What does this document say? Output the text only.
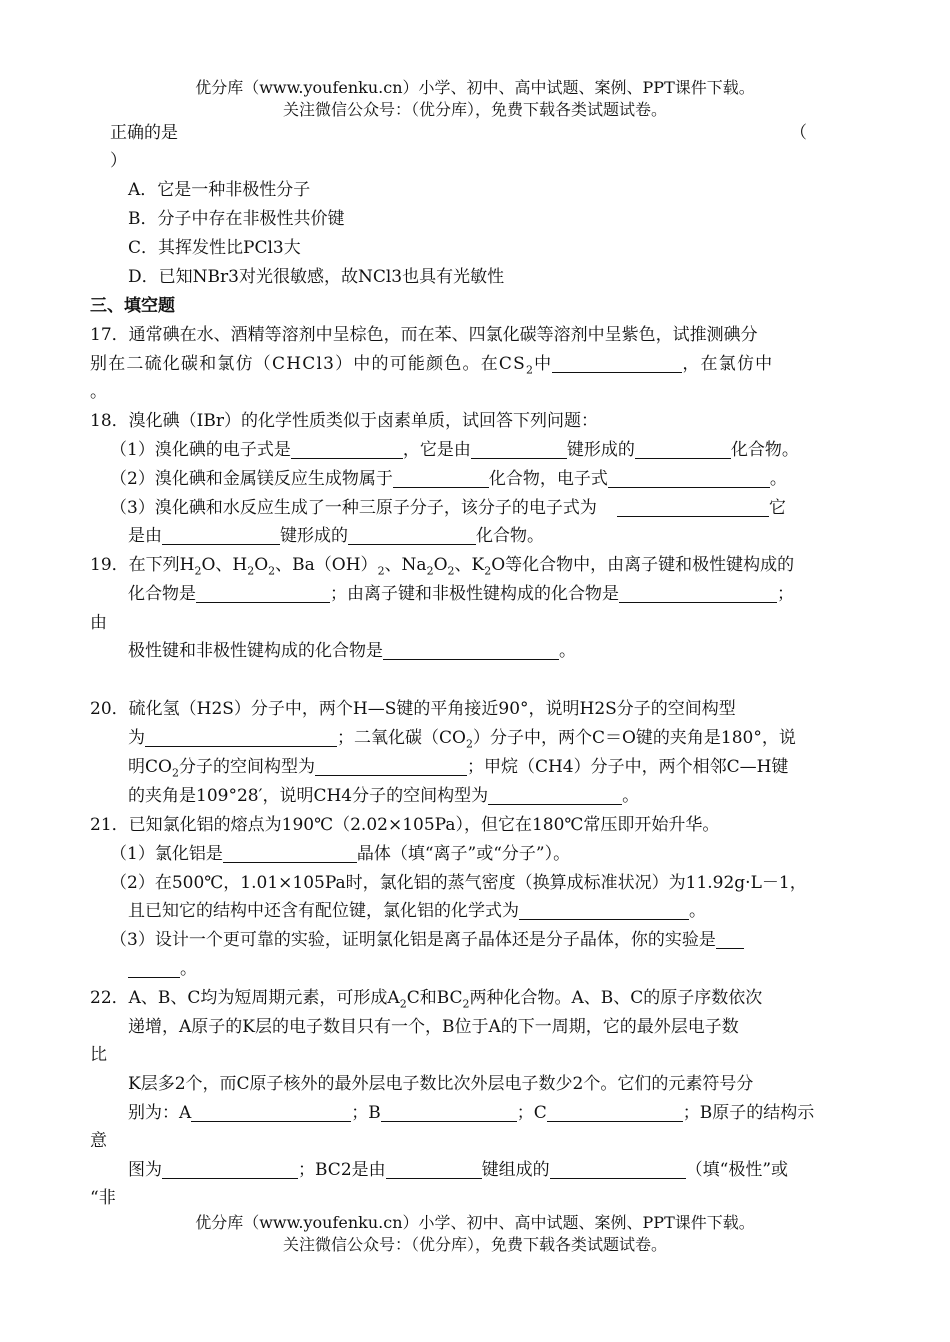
优分库（www.youfenku.cn）小学、初中、高中试题、案例、PPT课件下载。
关注微信公众号：（优分库），免费下载各类试题试卷。
正确的是	（
）
A．它是一种非极性分子
B．分子中存在非极性共价键
C．其挥发性比PCl3大
D．已知NBr3对光很敏感，故NCl3也具有光敏性
三、填空题
17．通常碘在水、酒精等溶剂中呈棕色，而在苯、四氯化碳等溶剂中呈紫色，试推测碘分
别在二硫化碳和氯仿（CHCl3）中的可能颜色。在$CS_2$中	，在氯仿中
。
18．溴化碘（IBr）的化学性质类似于卤素单质，试回答下列问题：
（1）溴化碘的电子式是	，它是由	键形成的	化合物。
（2）溴化碘和金属镁反应生成物属于	化合物，电子式	。
（3）溴化碘和水反应生成了一种三原子分子，该分子的电子式为	它
是由	键形成的	化合物。
19．在下列$H_2O$、$H_2O_2$、$Ba(OH)_2$、$Na_2O_2$、$K_2O$等化合物中，由离子键和极性键构成的
化合物是	；由离子键和非极性键构成的化合物是	；
由
极性键和非极性键构成的化合物是	。
20．硫化氢（H2S）分子中，两个H—S键的平角接近90°，说明H2S分子的空间构型
为	；二氧化碳$(CO_2)$分子中，两个C＝O键的夹角是180°，说
明$CO_2$分子的空间构型为	；甲烷（CH4）分子中，两个相邻C—H键
的夹角是109°28′，说明CH4分子的空间构型为	。
21．已知氯化铝的熔点为190℃（2.02×105Pa），但它在180℃常压即开始升华。
（1）氯化铝是	晶体（填“离子”或“分子”）。
（2）在500℃，1.01×105Pa时，氯化铝的蒸气密度（换算成标准状况）为11.92g·L－1，
且已知它的结构中还含有配位键，氯化铝的化学式为	。
（3）设计一个更可靠的实验，证明氯化铝是离子晶体还是分子晶体，你的实验是
。
22．A、B、C均为短周期元素，可形成$A_2C$和$BC_2$两种化合物。A、B、C的原子序数依次
递增，A原子的K层的电子数目只有一个，B位于A的下一周期，它的最外层电子数
比
K层多2个，而C原子核外的最外层电子数比次外层电子数少2个。它们的元素符号分
别为：A	；B	；C	；B原子的结构示
意
图为	；BC2是由	键组成的	（填“极性”或
“非
优分库（www.youfenku.cn）小学、初中、高中试题、案例、PPT课件下载。
关注微信公众号：（优分库），免费下载各类试题试卷。
